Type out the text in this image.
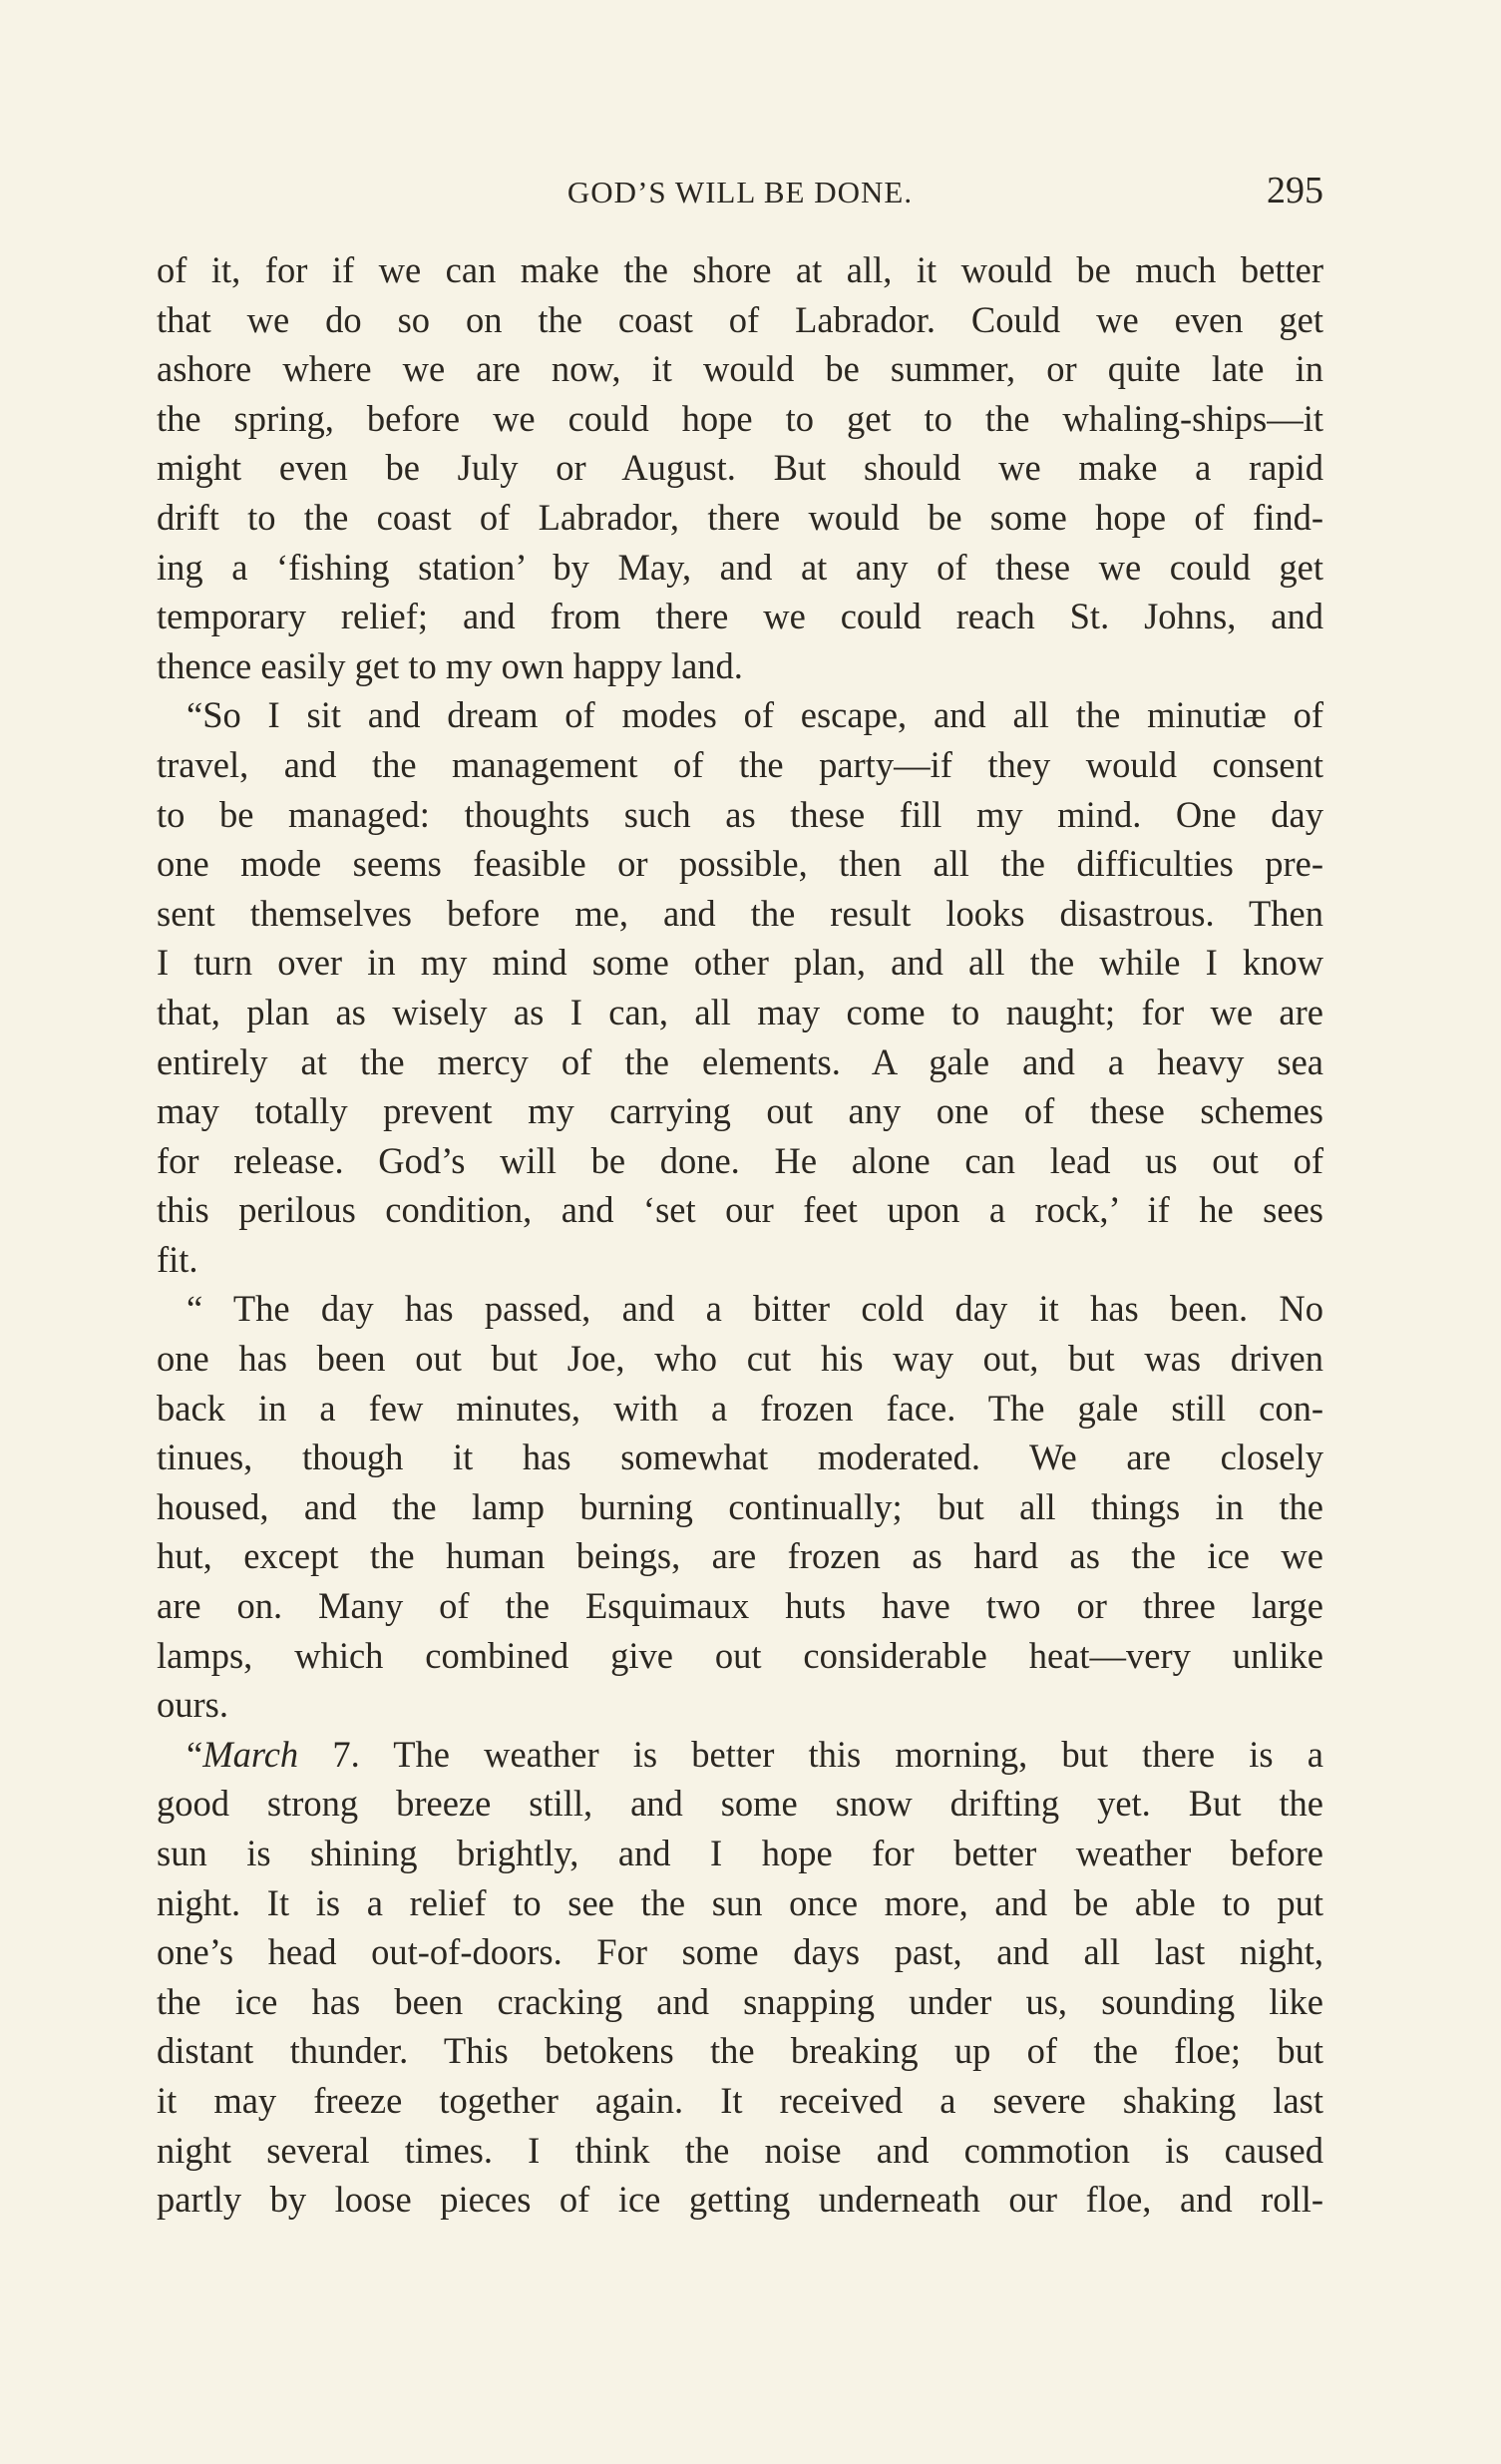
GOD’S WILL BE DONE.	295
of it, for if we can make the shore at all, it would be much better
that we do so on the coast of Labrador. Could we even get
ashore where we are now, it would be summer, or quite late in
the spring, before we could hope to get to the whaling-ships—it
might even be July or August. But should we make a rapid
drift to the coast of Labrador, there would be some hope of find-
ing a ‘fishing station’ by May, and at any of these we could get
temporary relief; and from there we could reach St. Johns, and
thence easily get to my own happy land.
“So I sit and dream of modes of escape, and all the minutiæ of
travel, and the management of the party—if they would consent
to be managed: thoughts such as these fill my mind. One day
one mode seems feasible or possible, then all the difficulties pre-
sent themselves before me, and the result looks disastrous. Then
I turn over in my mind some other plan, and all the while I know
that, plan as wisely as I can, all may come to naught; for we are
entirely at the mercy of the elements. A gale and a heavy sea
may totally prevent my carrying out any one of these schemes
for release. God’s will be done. He alone can lead us out of
this perilous condition, and ‘set our feet upon a rock,’ if he sees
fit.
“ The day has passed, and a bitter cold day it has been. No
one has been out but Joe, who cut his way out, but was driven
back in a few minutes, with a frozen face. The gale still con-
tinues, though it has somewhat moderated. We are closely
housed, and the lamp burning continually; but all things in the
hut, except the human beings, are frozen as hard as the ice we
are on. Many of the Esquimaux huts have two or three large
lamps, which combined give out considerable heat—very unlike
ours.
“March 7. The weather is better this morning, but there is a
good strong breeze still, and some snow drifting yet. But the
sun is shining brightly, and I hope for better weather before
night. It is a relief to see the sun once more, and be able to put
one’s head out-of-doors. For some days past, and all last night,
the ice has been cracking and snapping under us, sounding like
distant thunder. This betokens the breaking up of the floe; but
it may freeze together again. It received a severe shaking last
night several times. I think the noise and commotion is caused
partly by loose pieces of ice getting underneath our floe, and roll-
